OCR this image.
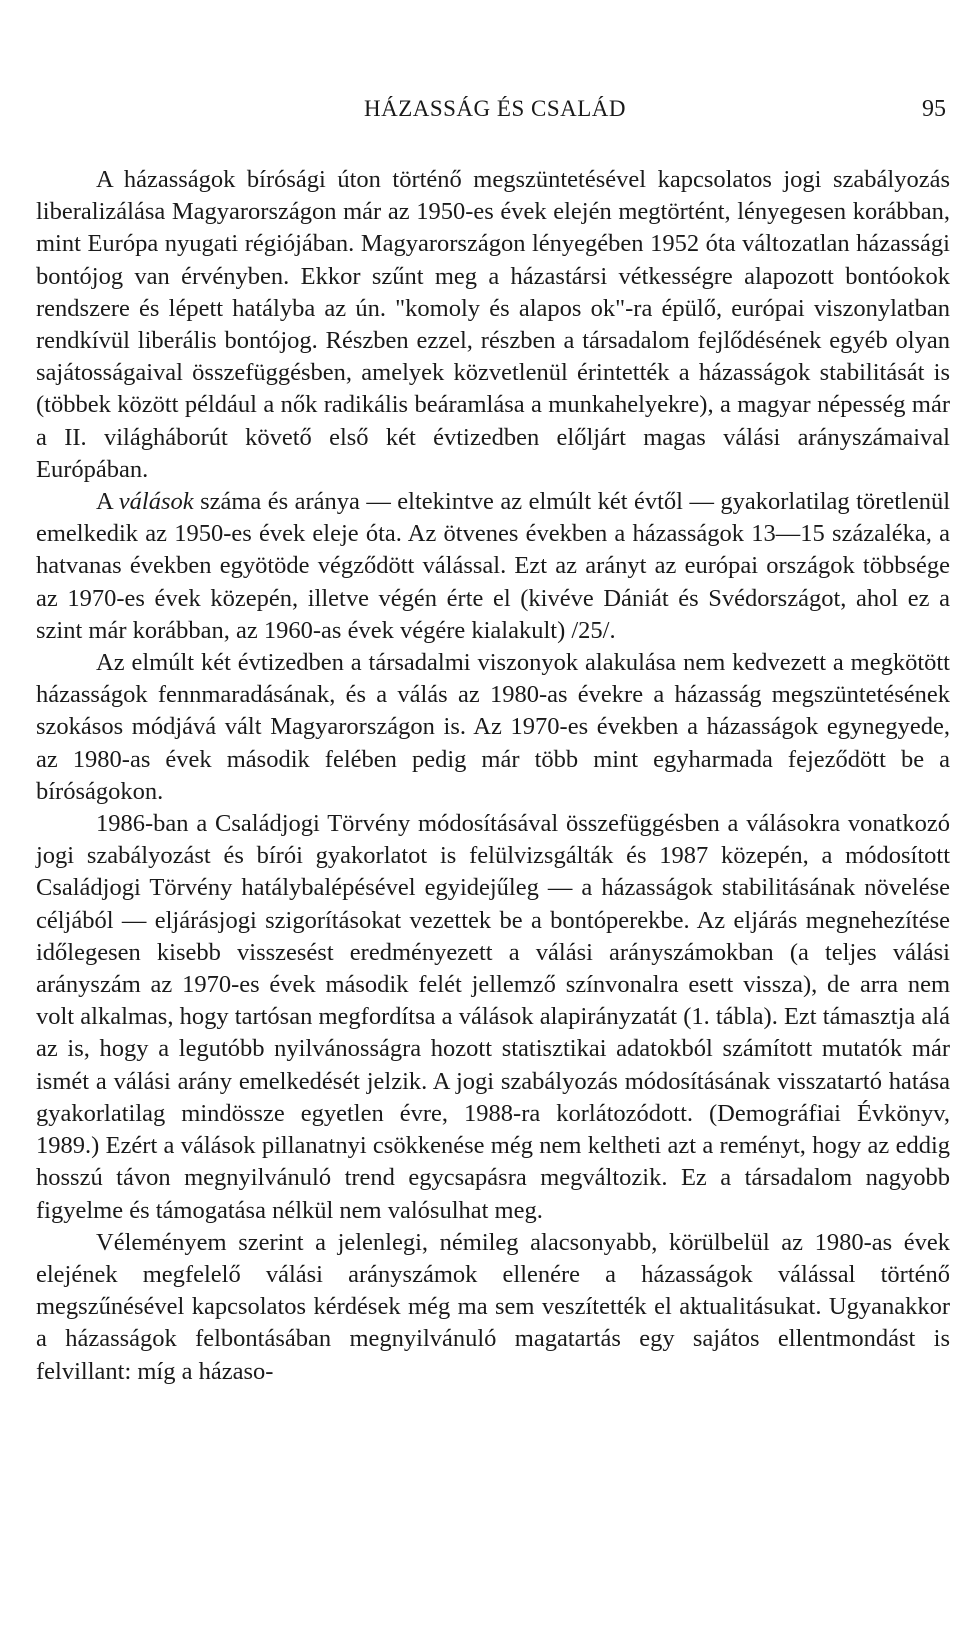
HÁZASSÁG ÉS CSALÁD	95

A házasságok bírósági úton történő megszüntetésével kapcsolatos jogi szabályozás liberalizálása Magyarországon már az 1950-es évek elején megtörtént, lényegesen korábban, mint Európa nyugati régiójában. Magyarországon lényegében 1952 óta változatlan házassági bontójog van érvényben. Ekkor szűnt meg a házastársi vétkességre alapozott bontóokok rendszere és lépett hatályba az ún. "komoly és alapos ok"-ra épülő, európai viszonylatban rendkívül liberális bontójog. Részben ezzel, részben a társadalom fejlődésének egyéb olyan sajátosságaival összefüggésben, amelyek közvetlenül érintették a házasságok stabilitását is (többek között például a nők radikális beáramlása a munkahelyekre), a magyar népesség már a II. világháborút követő első két évtizedben előljárt magas válási arányszámaival Európában.

A válások száma és aránya — eltekintve az elmúlt két évtől — gyakorlatilag töretlenül emelkedik az 1950-es évek eleje óta. Az ötvenes években a házasságok 13—15 százaléka, a hatvanas években egyötöde végződött válással. Ezt az arányt az európai országok többsége az 1970-es évek közepén, illetve végén érte el (kivéve Dániát és Svédországot, ahol ez a szint már korábban, az 1960-as évek végére kialakult) /25/.

Az elmúlt két évtizedben a társadalmi viszonyok alakulása nem kedvezett a megkötött házasságok fennmaradásának, és a válás az 1980-as évekre a házasság megszüntetésének szokásos módjává vált Magyarországon is. Az 1970-es években a házasságok egynegyede, az 1980-as évek második felében pedig már több mint egyharmada fejeződött be a bíróságokon.

1986-ban a Családjogi Törvény módosításával összefüggésben a válásokra vonatkozó jogi szabályozást és bírói gyakorlatot is felülvizsgálták és 1987 közepén, a módosított Családjogi Törvény hatálybalépésével egyidejűleg — a házasságok stabilitásának növelése céljából — eljárásjogi szigorításokat vezettek be a bontóperekbe. Az eljárás megnehezítése időlegesen kisebb visszesést eredményezett a válási arányszámokban (a teljes válási arányszám az 1970-es évek második felét jellemző színvonalra esett vissza), de arra nem volt alkalmas, hogy tartósan megfordítsa a válások alapirányzatát (1. tábla). Ezt támasztja alá az is, hogy a legutóbb nyilvánosságra hozott statisztikai adatokból számított mutatók már ismét a válási arány emelkedését jelzik. A jogi szabályozás módosításának visszatartó hatása gyakorlatilag mindössze egyetlen évre, 1988-ra korlátozódott. (Demográfiai Évkönyv, 1989.) Ezért a válások pillanatnyi csökkenése még nem keltheti azt a reményt, hogy az eddig hosszú távon megnyilvánuló trend egycsapásra megváltozik. Ez a társadalom nagyobb figyelme és támogatása nélkül nem valósulhat meg.

Véleményem szerint a jelenlegi, némileg alacsonyabb, körülbelül az 1980-as évek elejének megfelelő válási arányszámok ellenére a házasságok válással történő megszűnésével kapcsolatos kérdések még ma sem veszítették el aktualitásukat. Ugyanakkor a házasságok felbontásában megnyilvánuló magatartás egy sajátos ellentmondást is felvillant: míg a házaso-
